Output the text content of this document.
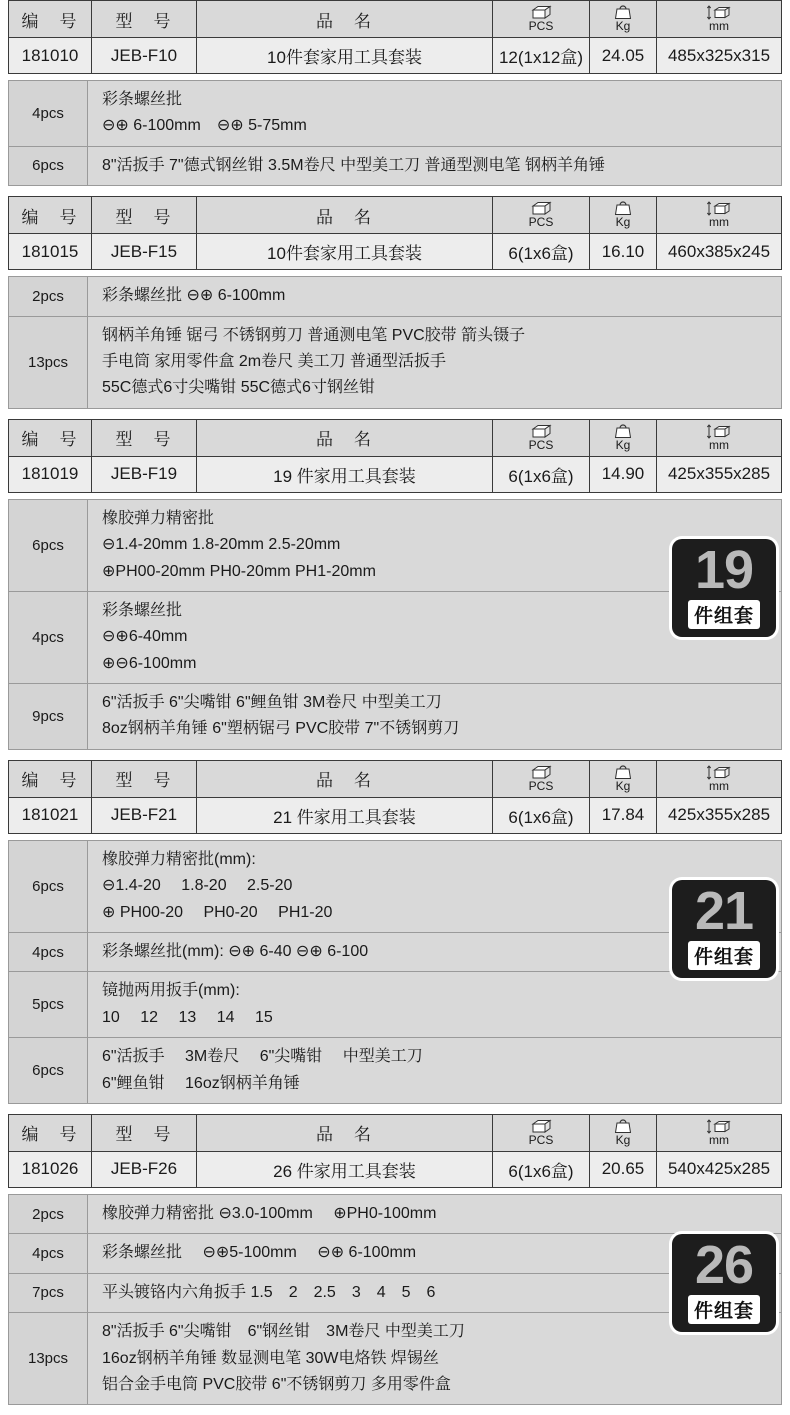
编　号	型　号	品　名	PCS	Kg	mm

181010	JEB-F10	10件套家用工具套装	12(1x12盒)	24.05	485x325x315
4pcs	彩条螺丝批
⊖⊕ 6-100mm　⊖⊕ 5-75mm

6pcs	8"活扳手 7"德式钢丝钳 3.5M卷尺 中型美工刀 普通型测电笔 钢柄羊角锤
编　号	型　号	品　名	PCS	Kg	mm

181015	JEB-F15	10件套家用工具套装	6(1x6盒)	16.10	460x385x245
2pcs	彩条螺丝批 ⊖⊕ 6-100mm

13pcs	钢柄羊角锤 锯弓 不锈钢剪刀 普通测电笔 PVC胶带 箭头镊子
手电筒 家用零件盒 2m卷尺 美工刀 普通型活扳手
55C德式6寸尖嘴钳 55C德式6寸钢丝钳
编　号	型　号	品　名	PCS	Kg	mm

181019	JEB-F19	19 件家用工具套装	6(1x6盒)	14.90	425x355x285
6pcs	橡胶弹力精密批
⊖1.4-20mm 1.8-20mm 2.5-20mm
⊕PH00-20mm PH0-20mm PH1-20mm

4pcs	彩条螺丝批
⊖⊕6-40mm
⊕⊖6-100mm

9pcs	6"活扳手 6"尖嘴钳 6"鲤鱼钳 3M卷尺 中型美工刀
8oz钢柄羊角锤 6"塑柄锯弓 PVC胶带 7"不锈钢剪刀
19
件组套
编　号	型　号	品　名	PCS	Kg	mm

181021	JEB-F21	21 件家用工具套装	6(1x6盒)	17.84	425x355x285
6pcs	橡胶弹力精密批(mm):
⊖1.4-20　 1.8-20　 2.5-20
⊕ PH00-20　 PH0-20　 PH1-20

4pcs	彩条螺丝批(mm): ⊖⊕ 6-40 ⊖⊕ 6-100

5pcs	镜抛两用扳手(mm):
10　 12　 13　 14　 15

6pcs	6"活扳手　 3M卷尺　 6"尖嘴钳　 中型美工刀
6"鲤鱼钳　 16oz钢柄羊角锤
21
件组套
编　号	型　号	品　名	PCS	Kg	mm

181026	JEB-F26	26 件家用工具套装	6(1x6盒)	20.65	540x425x285
2pcs	橡胶弹力精密批 ⊖3.0-100mm　 ⊕PH0-100mm

4pcs	彩条螺丝批　 ⊖⊕5-100mm　 ⊖⊕ 6-100mm

7pcs	平头镀铬内六角扳手 1.5　2　2.5　3　4　5　6

13pcs	8"活扳手 6"尖嘴钳　6"钢丝钳　3M卷尺 中型美工刀
16oz钢柄羊角锤 数显测电笔 30W电烙铁 焊锡丝
铝合金手电筒 PVC胶带 6"不锈钢剪刀 多用零件盒
26
件组套
